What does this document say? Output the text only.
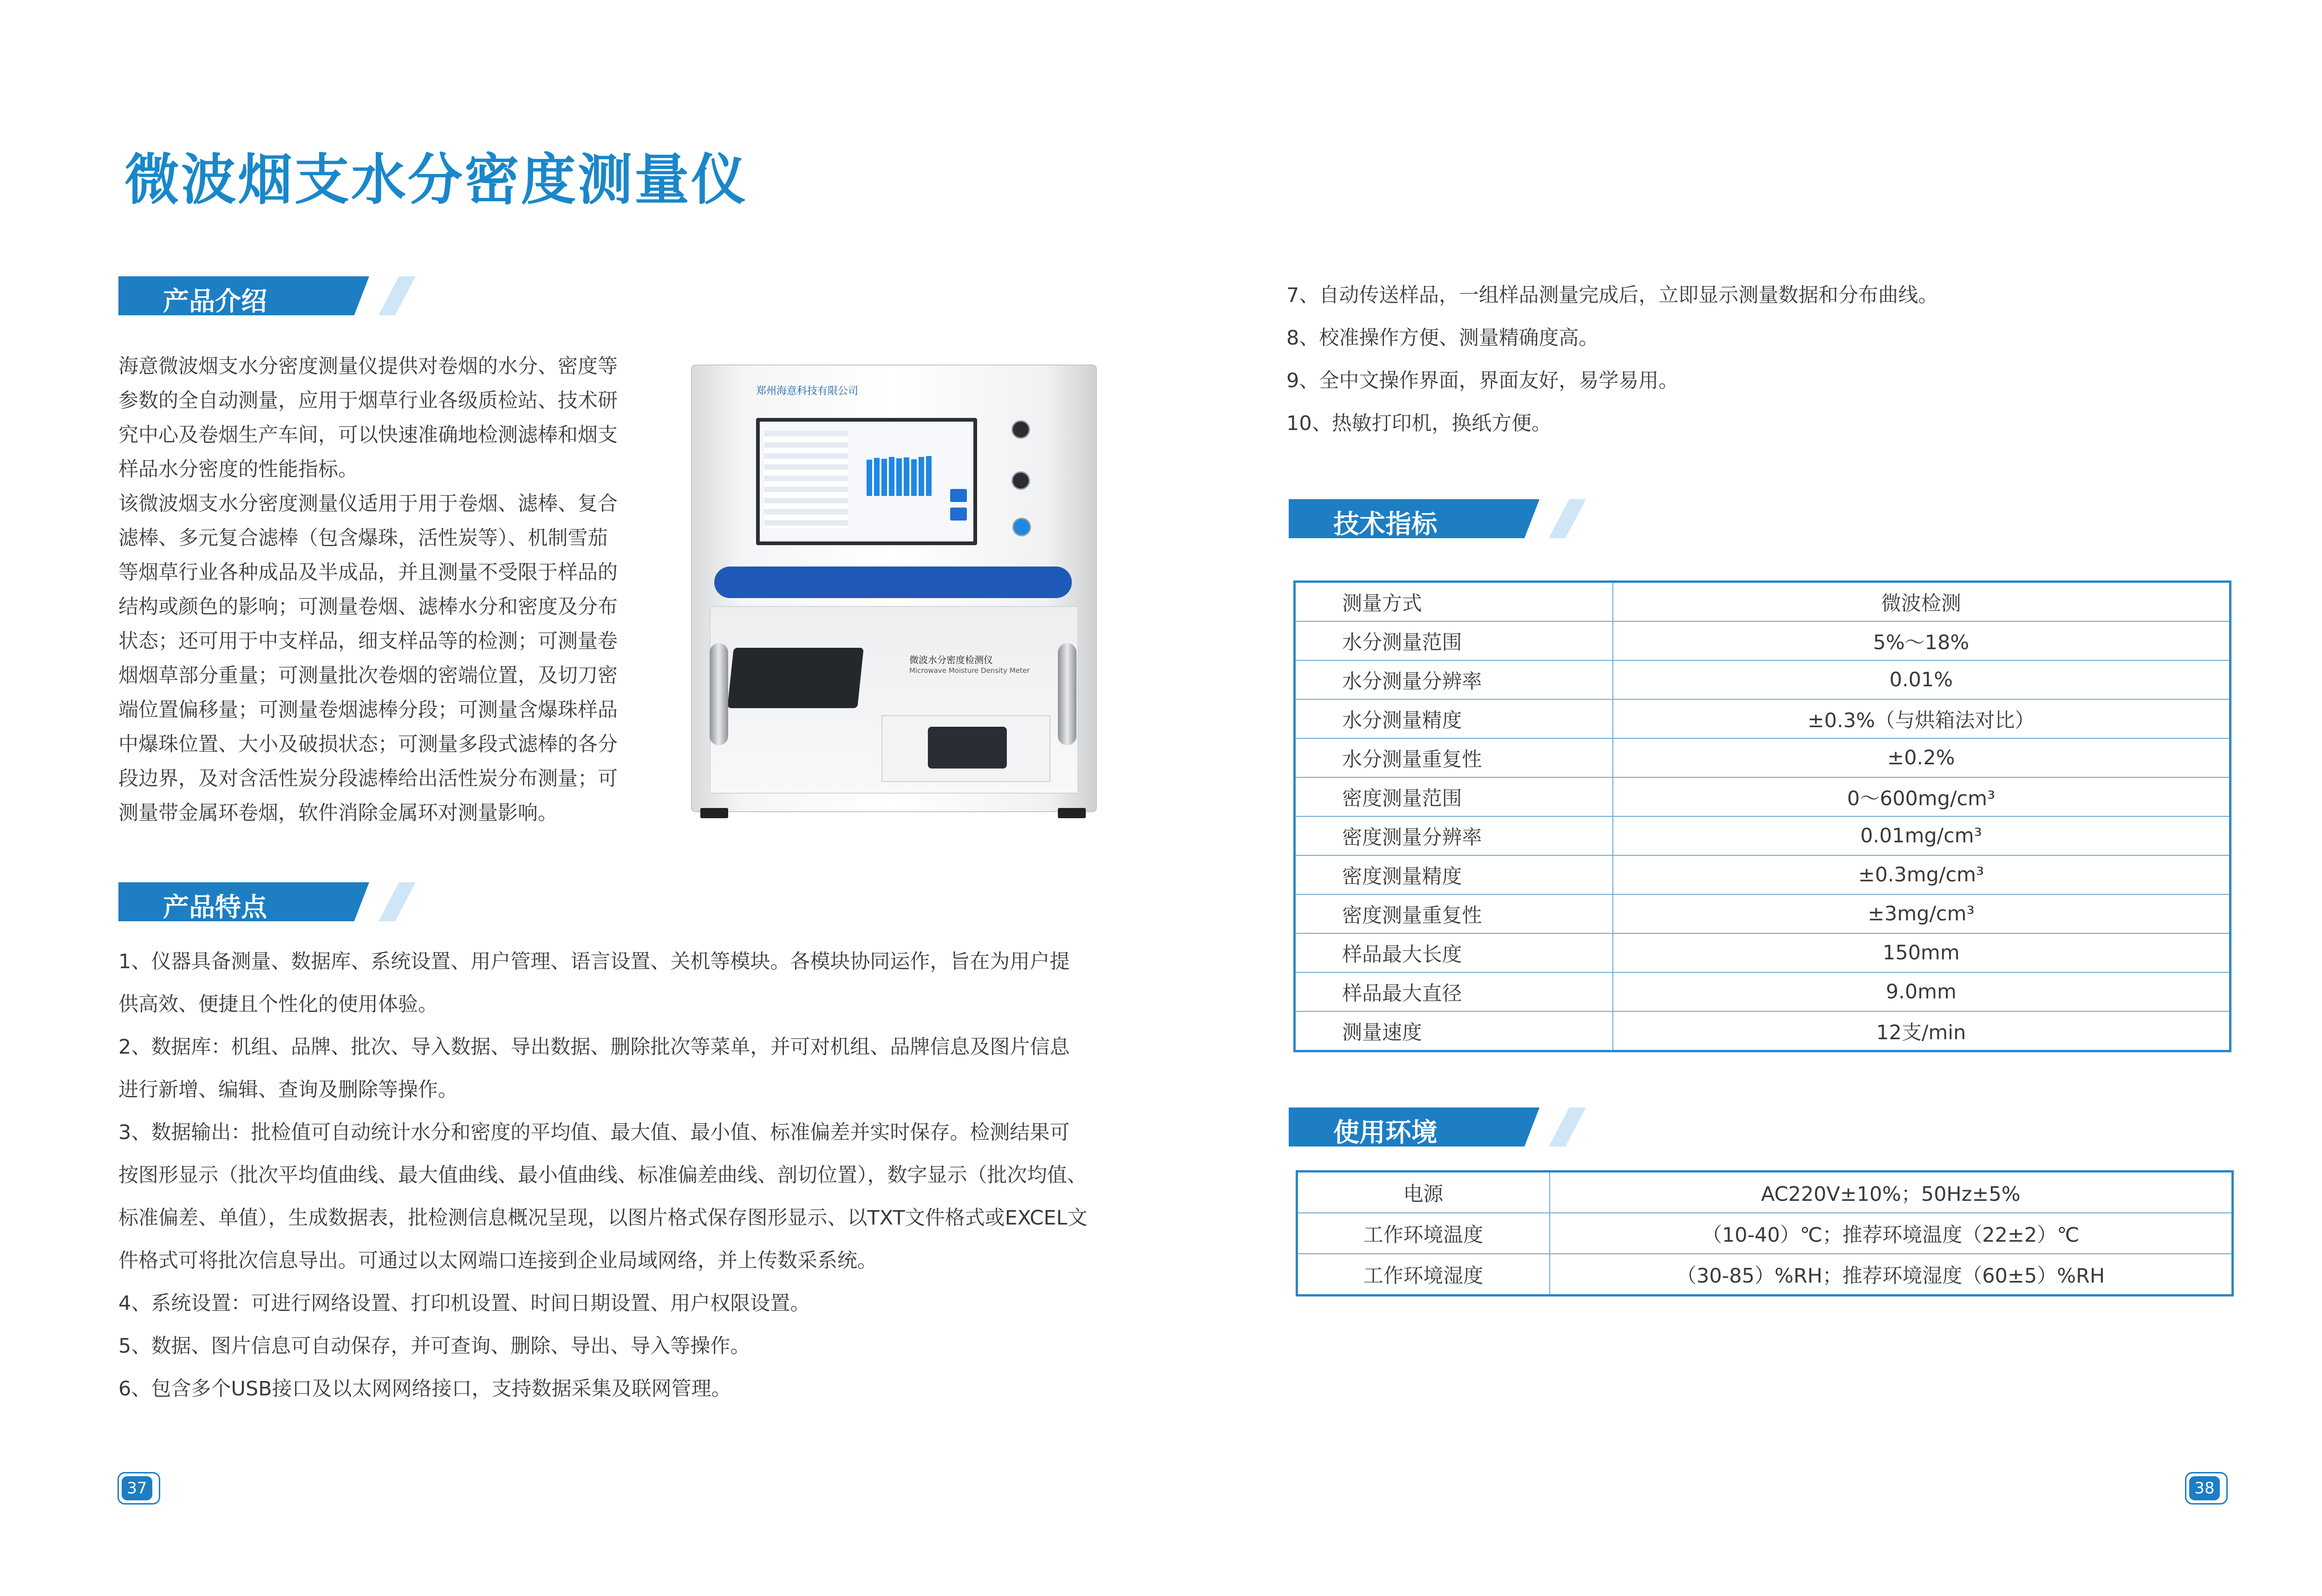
微波烟支水分密度测量仪
产品介绍
产品特点
技术指标
使用环境

海意微波烟支水分密度测量仪提供对卷烟的水分、密度等参数的全自动测量，应用于烟草行业各级质检站、技术研究中心及卷烟生产车间，可以快速准确地检测滤棒和烟支样品水分密度的性能指标。

该微波烟支水分密度测量仪适用于用于卷烟、滤棒、复合滤棒、多元复合滤棒（包含爆珠，活性炭等）、机制雪茄等烟草行业各种成品及半成品，并且测量不受限于样品的结构或颜色的影响；可测量卷烟、滤棒水分和密度及分布状态；还可用于中支样品，细支样品等的检测；可测量卷烟烟草部分重量；可测量批次卷烟的密端位置，及切刀密端位置偏移量；可测量卷烟滤棒分段；可测量含爆珠样品中爆珠位置、大小及破损状态；可测量多段式滤棒的各分段边界，及对含活性炭分段滤棒给出活性炭分布测量；可测量带金属环卷烟，软件消除金属环对测量影响。

郑州海意科技有限公司
微波水分密度检测仪
Microwave Moisture Density Meter

1、仪器具备测量、数据库、系统设置、用户管理、语言设置、关机等模块。各模块协同运作，旨在为用户提供高效、便捷且个性化的使用体验。

2、数据库：机组、品牌、批次、导入数据、导出数据、删除批次等菜单，并可对机组、品牌信息及图片信息进行新增、编辑、查询及删除等操作。

3、数据输出：批检值可自动统计水分和密度的平均值、最大值、最小值、标准偏差并实时保存。检测结果可按图形显示（批次平均值曲线、最大值曲线、最小值曲线、标准偏差曲线、剖切位置），数字显示（批次均值、标准偏差、单值），生成数据表，批检测信息概况呈现，以图片格式保存图形显示、以TXT文件格式或EXCEL文件格式可将批次信息导出。可通过以太网端口连接到企业局域网络，并上传数采系统。

4、系统设置：可进行网络设置、打印机设置、时间日期设置、用户权限设置。

5、数据、图片信息可自动保存，并可查询、删除、导出、导入等操作。

6、包含多个USB接口及以太网网络接口，支持数据采集及联网管理。

7、自动传送样品，一组样品测量完成后，立即显示测量数据和分布曲线。

8、校准操作方便、测量精确度高。

9、全中文操作界面，界面友好，易学易用。

10、热敏打印机，换纸方便。

测量方式	微波检测
水分测量范围	5%～18%
水分测量分辨率	0.01%
水分测量精度	±0.3%（与烘箱法对比）
水分测量重复性	±0.2%
密度测量范围	0～600mg/cm³
密度测量分辨率	0.01mg/cm³
密度测量精度	±0.3mg/cm³
密度测量重复性	±3mg/cm³
样品最大长度	150mm
样品最大直径	9.0mm
测量速度	12支/min
电源	AC220V±10%；50Hz±5%
工作环境温度	（10-40）℃；推荐环境温度（22±2）℃
工作环境湿度	（30-85）%RH；推荐环境湿度（60±5）%RH
37	38
